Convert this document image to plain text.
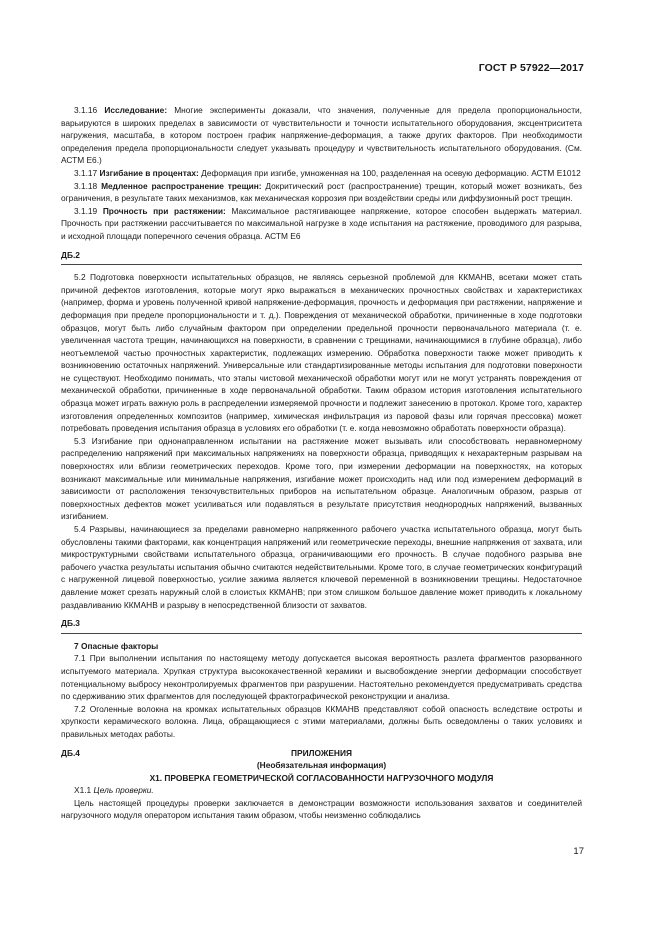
ГОСТ Р 57922—2017

3.1.16 Исследование: Многие эксперименты доказали, что значения, полученные для предела пропорциональности, варьируются в широких пределах в зависимости от чувствительности и точности испытательного оборудования, эксцентриситета нагружения, масштаба, в котором построен график напряжение-деформация, а также других факторов. При необходимости определения предела пропорциональности следует указывать процедуру и чувствительность испытательного оборудования. (См. АСТМ Е6.)

3.1.17 Изгибание в процентах: Деформация при изгибе, умноженная на 100, разделенная на осевую деформацию. АСТМ Е1012

3.1.18 Медленное распространение трещин: Докритический рост (распространение) трещин, который может возникать, без ограничения, в результате таких механизмов, как механическая коррозия при воздействии среды или диффузионный рост трещин.

3.1.19 Прочность при растяжении: Максимальное растягивающее напряжение, которое способен выдержать материал. Прочность при растяжении рассчитывается по максимальной нагрузке в ходе испытания на растяжение, проводимого для разрыва, и исходной площади поперечного сечения образца. АСТМ Е6

ДБ.2

5.2 Подготовка поверхности испытательных образцов, не являясь серьезной проблемой для ККМАНВ, всетаки может стать причиной дефектов изготовления, которые могут ярко выражаться в механических прочностных свойствах и характеристиках (например, форма и уровень полученной кривой напряжение-деформация, прочность и деформация при растяжении, напряжение и деформация при пределе пропорциональности и т. д.). Повреждения от механической обработки, причиненные в ходе подготовки образцов, могут быть либо случайным фактором при определении предельной прочности первоначального материала (т. е. увеличенная частота трещин, начинающихся на поверхности, в сравнении с трещинами, начинающимися в глубине образца), либо неотъемлемой частью прочностных характеристик, подлежащих измерению. Обработка поверхности также может приводить к возникновению остаточных напряжений. Универсальные или стандартизированные методы испытания для подготовки поверхности не существуют. Необходимо понимать, что этапы чистовой механической обработки могут или не могут устранять повреждения от механической обработки, причиненные в ходе первоначальной обработки. Таким образом история изготовления испытательного образца может играть важную роль в распределении измеряемой прочности и подлежит занесению в протокол. Кроме того, характер изготовления определенных композитов (например, химическая инфильтрация из паровой фазы или горячая прессовка) может потребовать проведения испытания образца в условиях его обработки (т. е. когда невозможно обработать поверхности образца).

5.3 Изгибание при однонаправленном испытании на растяжение может вызывать или способствовать неравномерному распределению напряжений при максимальных напряжениях на поверхности образца, приводящих к нехарактерным разрывам на поверхностях или вблизи геометрических переходов. Кроме того, при измерении деформации на поверхностях, на которых возникают максимальные или минимальные напряжения, изгибание может происходить над или под измерением деформаций в зависимости от расположения тензочувствительных приборов на испытательном образце. Аналогичным образом, разрыв от поверхностных дефектов может усиливаться или подавляться в результате присутствия неоднородных напряжений, вызванных изгибанием.

5.4 Разрывы, начинающиеся за пределами равномерно напряженного рабочего участка испытательного образца, могут быть обусловлены такими факторами, как концентрация напряжений или геометрические переходы, внешние напряжения от захвата, или микроструктурными свойствами испытательного образца, ограничивающими его прочность. В случае подобного разрыва вне рабочего участка результаты испытания обычно считаются недействительными. Кроме того, в случае геометрических конфигураций с нагруженной лицевой поверхностью, усилие зажима является ключевой переменной в возникновении трещины. Недостаточное давление может срезать наружный слой в слоистых ККМАНВ; при этом слишком большое давление может приводить к локальному раздавливанию ККМАНВ и разрыву в непосредственной близости от захватов.

ДБ.3

7 Опасные факторы

7.1 При выполнении испытания по настоящему методу допускается высокая вероятность разлета фрагментов разорванного испытуемого материала. Хрупкая структура высококачественной керамики и высвобождение энергии деформации способствует потенциальному выбросу неконтролируемых фрагментов при разрушении. Настоятельно рекомендуется предусматривать средства по сдерживанию этих фрагментов для последующей фрактографической реконструкции и анализа.

7.2 Оголенные волокна на кромках испытательных образцов ККМАНВ представляют собой опасность вследствие остроты и хрупкости керамического волокна. Лица, обращающиеся с этими материалами, должны быть осведомлены о таких условиях и правильных методах работы.

ДБ.4	ПРИЛОЖЕНИЯ

(Необязательная информация)

X1. ПРОВЕРКА ГЕОМЕТРИЧЕСКОЙ СОГЛАСОВАННОСТИ НАГРУЗОЧНОГО МОДУЛЯ

X1.1 Цель проверки.

Цель настоящей процедуры проверки заключается в демонстрации возможности использования захватов и соединителей нагрузочного модуля оператором испытания таким образом, чтобы неизменно соблюдались

17
